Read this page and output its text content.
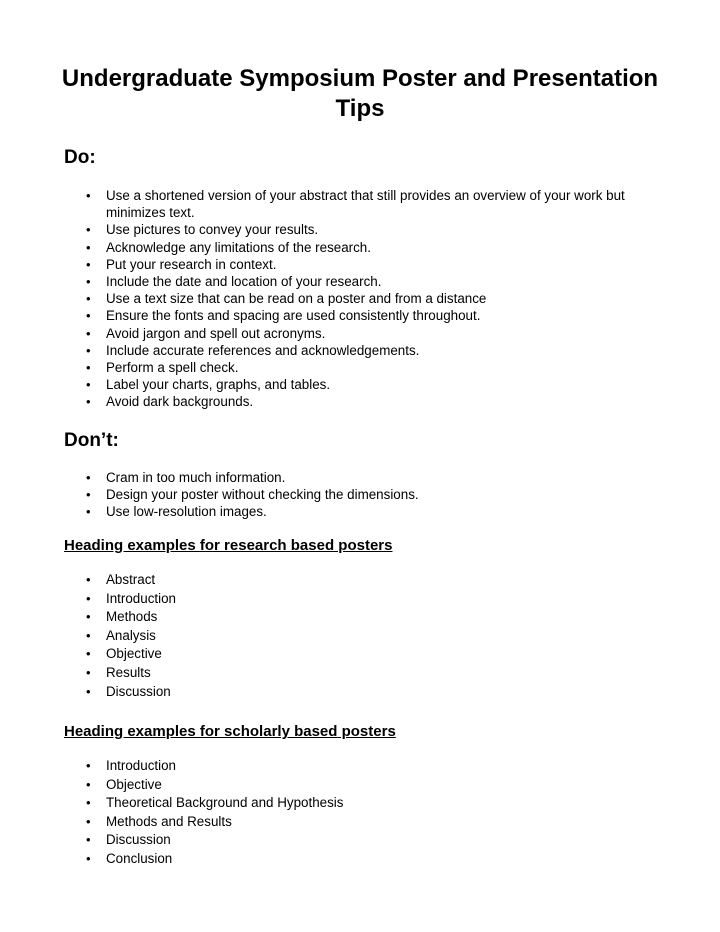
Undergraduate Symposium Poster and Presentation Tips
Do:
• Use a shortened version of your abstract that still provides an overview of your work but minimizes text.
• Use pictures to convey your results.
• Acknowledge any limitations of the research.
• Put your research in context.
• Include the date and location of your research.
• Use a text size that can be read on a poster and from a distance
• Ensure the fonts and spacing are used consistently throughout.
• Avoid jargon and spell out acronyms.
• Include accurate references and acknowledgements.
• Perform a spell check.
• Label your charts, graphs, and tables.
• Avoid dark backgrounds.
Don’t:
• Cram in too much information.
• Design your poster without checking the dimensions.
• Use low-resolution images.
Heading examples for research based posters
• Abstract
• Introduction
• Methods
• Analysis
• Objective
• Results
• Discussion
Heading examples for scholarly based posters
• Introduction
• Objective
• Theoretical Background and Hypothesis
• Methods and Results
• Discussion
• Conclusion
